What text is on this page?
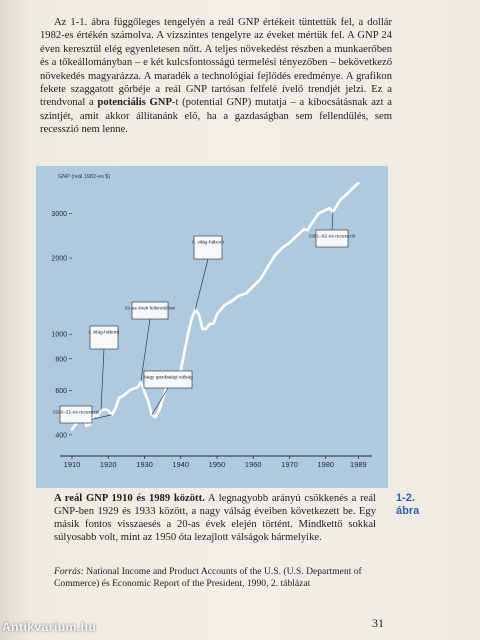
Az 1-1. ábra függőleges tengelyén a reál GNP értékeit tüntettük fel, a dollár 1982-es értékén számolva. A vízszintes tengelyre az éveket mértük fel. A GNP 24 éven keresztül elég egyenletesen nőtt. A teljes növekedést részben a munkaerőben és a tőkeállományban – e két kulcsfontosságú termelési tényezőben – bekövetkező növekedés magyarázza. A maradék a technológiai fejlődés eredménye. A grafikon fekete szaggatott görbéje a reál GNP tartósan felfelé ívelő trendjét jelzi. Ez a trendvonal a potenciális GNP-t (potential GNP) mutatja – a kibocsátásnak azt a szintjét, amit akkor állítanánk elő, ha a gazdaságban sem fellendülés, sem recesszió nem lenne.
GNP (reál 1982-es $)
1910	1920	1930	1940	1950	1960	1970	1980 1989
400
600
800
1000
2000
3000
I. világ-háború
20-as évek fellendülése
II. világ-háború
1920–21-es recesszió
Nagy gazdasági válság
1981–82-es recesszió
1-2. ábra
A reál GNP 1910 és 1989 között. A legnagyobb arányú csökkenés a reál GNP-ben 1929 és 1933 között, a nagy válság éveiben következett be. Egy másik fontos visszaesés a 20-as évek elején történt. Mindkettő sokkal súlyosabb volt, mint az 1950 óta lezajlott válságok bármelyike.
Forrás: National Income and Product Accounts of the U.S. (U.S. Department of Commerce) és Economic Report of the President, 1990, 2. táblázat
31
Antikvarium.hu
